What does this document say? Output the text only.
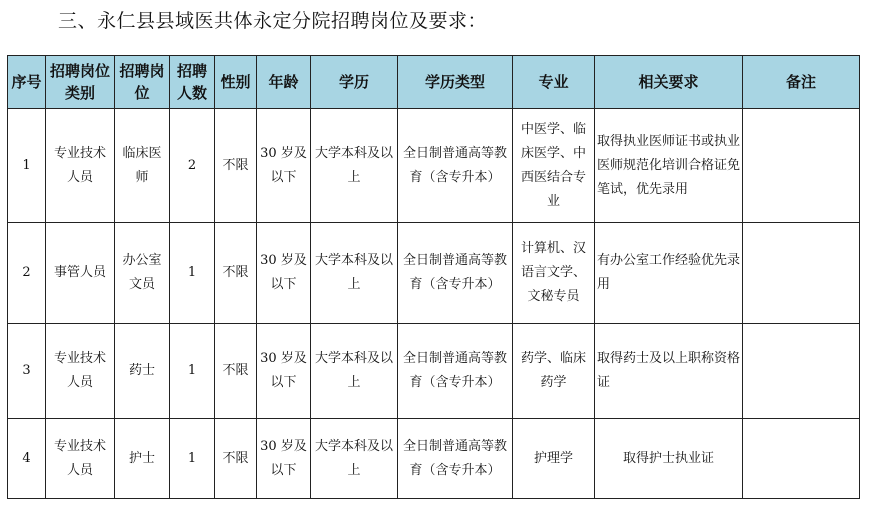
三、永仁县县域医共体永定分院招聘岗位及要求：
序号	招聘岗位类别	招聘岗位	招聘人数	性别	年龄	学历	学历类型	专业	相关要求	备注
1	专业技术人员	临床医师	2	不限	30 岁及以下	大学本科及以上	全日制普通高等教育（含专升本）	中医学、临床医学、中西医结合专业	取得执业医师证书或执业医师规范化培训合格证免笔试，优先录用	
2	事管人员	办公室文员	1	不限	30 岁及以下	大学本科及以上	全日制普通高等教育（含专升本）	计算机、汉语言文学、文秘专员	有办公室工作经验优先录用	
3	专业技术人员	药士	1	不限	30 岁及以下	大学本科及以上	全日制普通高等教育（含专升本）	药学、临床药学	取得药士及以上职称资格证	
4	专业技术人员	护士	1	不限	30 岁及以下	大学本科及以上	全日制普通高等教育（含专升本）	护理学	取得护士执业证	
